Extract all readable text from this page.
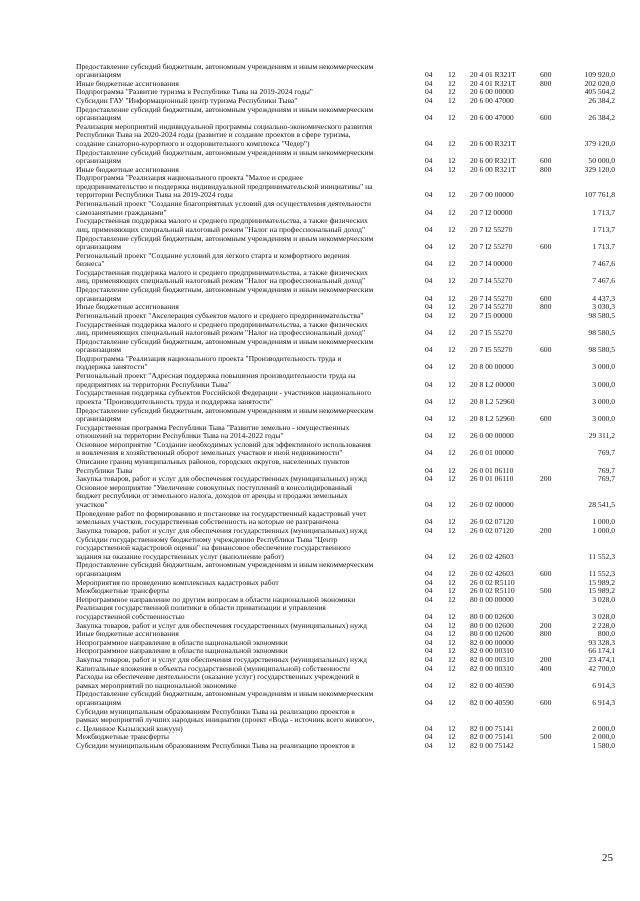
Предоставление субсидий бюджетным, автономным учреждениям и иным некоммерческим
организациям	04	12	20 4 01 R321T	600	109 920,0
Иные бюджетные ассигнования	04	12	20 4 01 R321T	800	202 020,0
Подпрограмма "Развитие туризма в Республике Тыва на 2019-2024 годы"	04	12	20 6 00 00000	405 504,2
Субсидии ГАУ "Информационный центр туризма Республики Тыва"	04	12	20 6 00 47000	26 384,2
Предоставление субсидий бюджетным, автономным учреждениям и иным некоммерческим
организациям	04	12	20 6 00 47000	600	26 384,2
Реализация мероприятий индивидуальной программы социально-экономического развития
Республики Тыва на 2020-2024 годы (развитие и создание проектов в сфере туризма,
создание санаторно-курортного и оздоровительного комплекса "Чедер")	04	12	20 6 00 R321T	379 120,0
Предоставление субсидий бюджетным, автономным учреждениям и иным некоммерческим
организациям	04	12	20 6 00 R321T	600	50 000,0
Иные бюджетные ассигнования	04	12	20 6 00 R321T	800	329 120,0
Подпрограмма "Реализация национального проекта "Малое и среднее
предпринимательство и поддержка индивидуальной предпринимательской инициативы" на
территории Республики Тыва на 2019-2024 годы	04	12	20 7 00 00000	107 761,8
Региональный проект "Создание благоприятных условий для осуществления деятельности
самозанятыми гражданами"	04	12	20 7 I2 00000	1 713,7
Государственная поддержка малого и среднего предпринимательства, а также физических
лиц, применяющих специальный налоговый режим "Налог на профессиональный доход"	04	12	20 7 I2 55270	1 713,7
Предоставление субсидий бюджетным, автономным учреждениям и иным некоммерческим
организациям	04	12	20 7 I2 55270	600	1 713,7
Региональный проект "Создание условий для легкого старта и комфортного ведения
бизнеса"	04	12	20 7 I4 00000	7 467,6
Государственная поддержка малого и среднего предпринимательства, а также физических
лиц, применяющих специальный налоговый режим "Налог на профессиональный доход"	04	12	20 7 I4 55270	7 467,6
Предоставление субсидий бюджетным, автономным учреждениям и иным некоммерческим
организациям	04	12	20 7 I4 55270	600	4 437,3
Иные бюджетные ассигнования	04	12	20 7 I4 55270	800	3 030,3
Региональный проект "Акселерация субъектов малого и среднего предпринимательства"	04	12	20 7 I5 00000	98 580,5
Государственная поддержка малого и среднего предпринимательства, а также физических
лиц, применяющих специальный налоговый режим "Налог на профессиональный доход"	04	12	20 7 I5 55270	98 580,5
Предоставление субсидий бюджетным, автономным учреждениям и иным некоммерческим
организациям	04	12	20 7 I5 55270	600	98 580,5
Подпрограмма "Реализация национального проекта "Производительность труда и
поддержка занятости"	04	12	20 8 00 00000	3 000,0
Региональный проект "Адресная поддержка повышения производительности труда на
предприятиях на территории Республики Тыва"	04	12	20 8 L2 00000	3 000,0
Государственная поддержка субъектов Российской Федерации - участников национального
проекта "Производительность труда и поддержка занятости"	04	12	20 8 L2 52960	3 000,0
Предоставление субсидий бюджетным, автономным учреждениям и иным некоммерческим
организациям	04	12	20 8 L2 52960	600	3 000,0
Государственная программа Республики Тыва "Развитие земельно - имущественных
отношений на территории Республики Тыва на 2014-2022 годы"	04	12	26 0 00 00000	29 311,2
Основное мероприятие "Создание необходимых условий для эффективного использования
и вовлечения в хозяйственный оборот земельных участков и иной недвижимости"	04	12	26 0 01 00000	769,7
Описание границ муниципальных районов, городских округов, населенных пунктов
Республики Тыва	04	12	26 0 01 06110	769,7
Закупка товаров, работ и услуг для обеспечения государственных (муниципальных) нужд	04	12	26 0 01 06110	200	769,7
Основное мероприятие "Увеличение совокупных поступлений в консолидированный
бюджет республики от земельного налога, доходов от аренды и продажи земельных
участков"	04	12	26 0 02 00000	28 541,5
Проведение работ по формированию и постановке на государственный кадастровый учет
земельных участков, государственная собственность на которые не разграничена	04	12	26 0 02 07120	1 000,0
Закупка товаров, работ и услуг для обеспечения государственных (муниципальных) нужд	04	12	26 0 02 07120	200	1 000,0
Субсидии государственному бюджетному учреждению Республики Тыва "Центр
государственной кадастровой оценки" на финансовое обеспечение государственного
задания на оказание государственных услуг (выполнение работ)	04	12	26 0 02 42603	11 552,3
Предоставление субсидий бюджетным, автономным учреждениям и иным некоммерческим
организациям	04	12	26 0 02 42603	600	11 552,3
Мероприятия по проведению комплексных кадастровых работ	04	12	26 0 02 R5110	15 989,2
Межбюджетные трансферты	04	12	26 0 02 R5110	500	15 989,2
Непрограммное направление по другим вопросам в области национальной экономики	04	12	80 0 00 00000	3 028,0
Реализация государственной политики в области приватизации и управления
государственной собственностью	04	12	80 0 00 02600	3 028,0
Закупка товаров, работ и услуг для обеспечения государственных (муниципальных) нужд	04	12	80 0 00 02600	200	2 228,0
Иные бюджетные ассигнования	04	12	80 0 00 02600	800	800,0
Непрограммное направление в области национальной экономики	04	12	82 0 00 00000	93 328,3
Непрограммное направление в области национальной экономики	04	12	82 0 00 00310	66 174,1
Закупка товаров, работ и услуг для обеспечения государственных (муниципальных) нужд	04	12	82 0 00 00310	200	23 474,1
Капитальные вложения в объекты государственной (муниципальной) собственности	04	12	82 0 00 00310	400	42 700,0
Расходы на обеспечение деятельности (оказание услуг) государственных учреждений в
рамках мероприятий по национальной экономике	04	12	82 0 00 40590	6 914,3
Предоставление субсидий бюджетным, автономным учреждениям и иным некоммерческим
организациям	04	12	82 0 00 40590	600	6 914,3
Субсидии муниципальным образованиям Республики Тыва на реализацию проектов в
рамках мероприятий лучших народных инициатив (проект «Вода - источник всего живого»,
с. Целинное Кызылский кожуун)	04	12	82 0 00 75141	2 000,0
Межбюджетные трансферты	04	12	82 0 00 75141	500	2 000,0
Субсидии муниципальным образованиям Республики Тыва на реализацию проектов в	04	12	82 0 00 75142	1 580,0
25
